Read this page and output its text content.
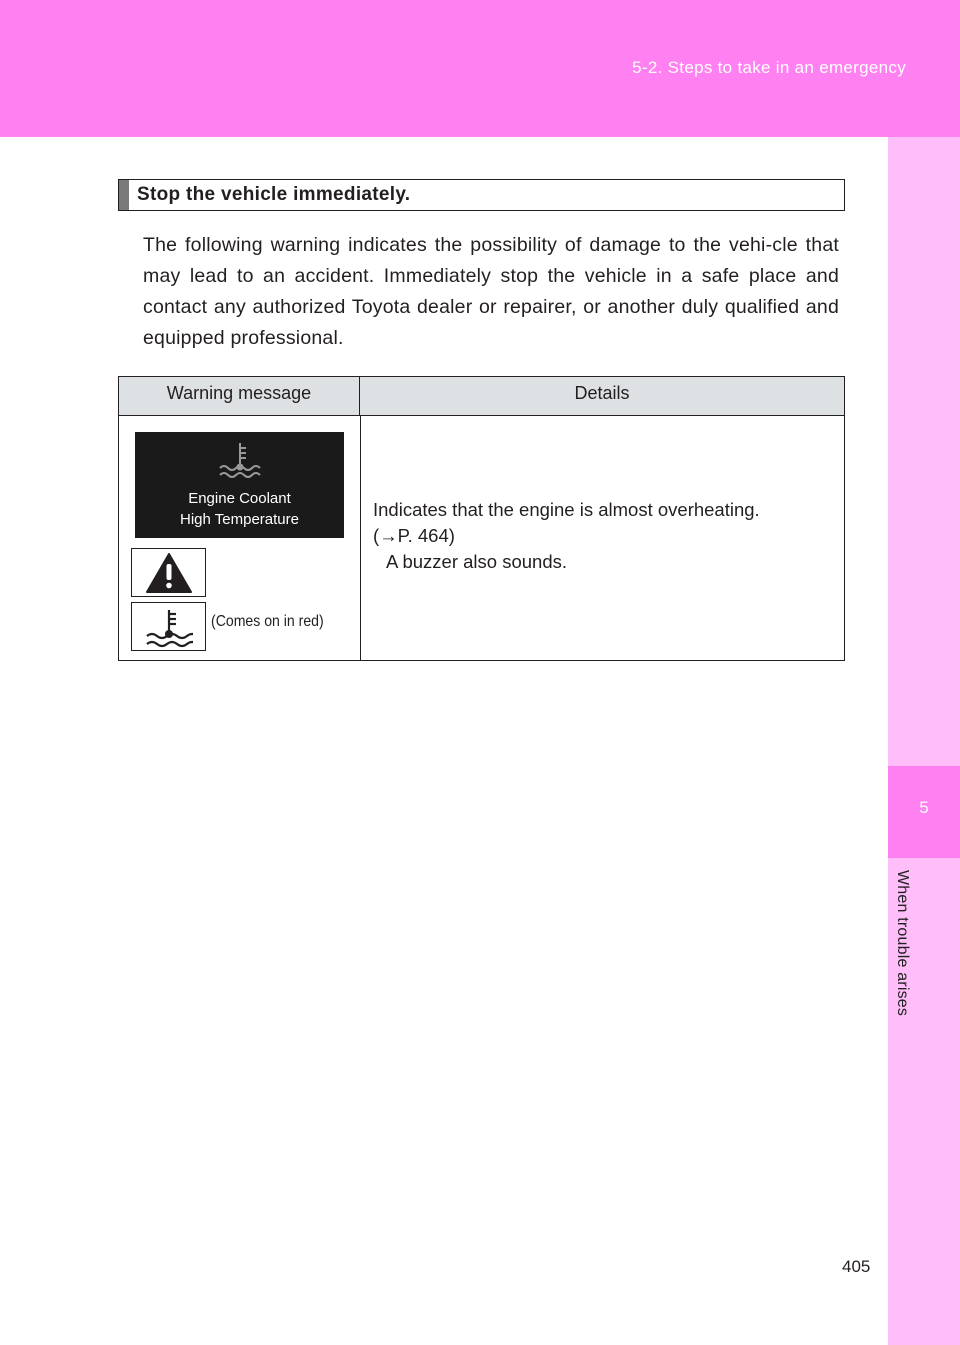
5-2. Steps to take in an emergency
5
When trouble arises
Stop the vehicle immediately.

The following warning indicates the possibility of damage to the vehi-cle that may lead to an accident. Immediately stop the vehicle in a safe place and contact any authorized Toyota dealer or repairer, or another duly qualified and equipped professional.

Warning message	Details
Engine Coolant
High Temperature
(Comes on in red)
Indicates that the engine is almost overheating.
(→P. 464)
A buzzer also sounds.
405
